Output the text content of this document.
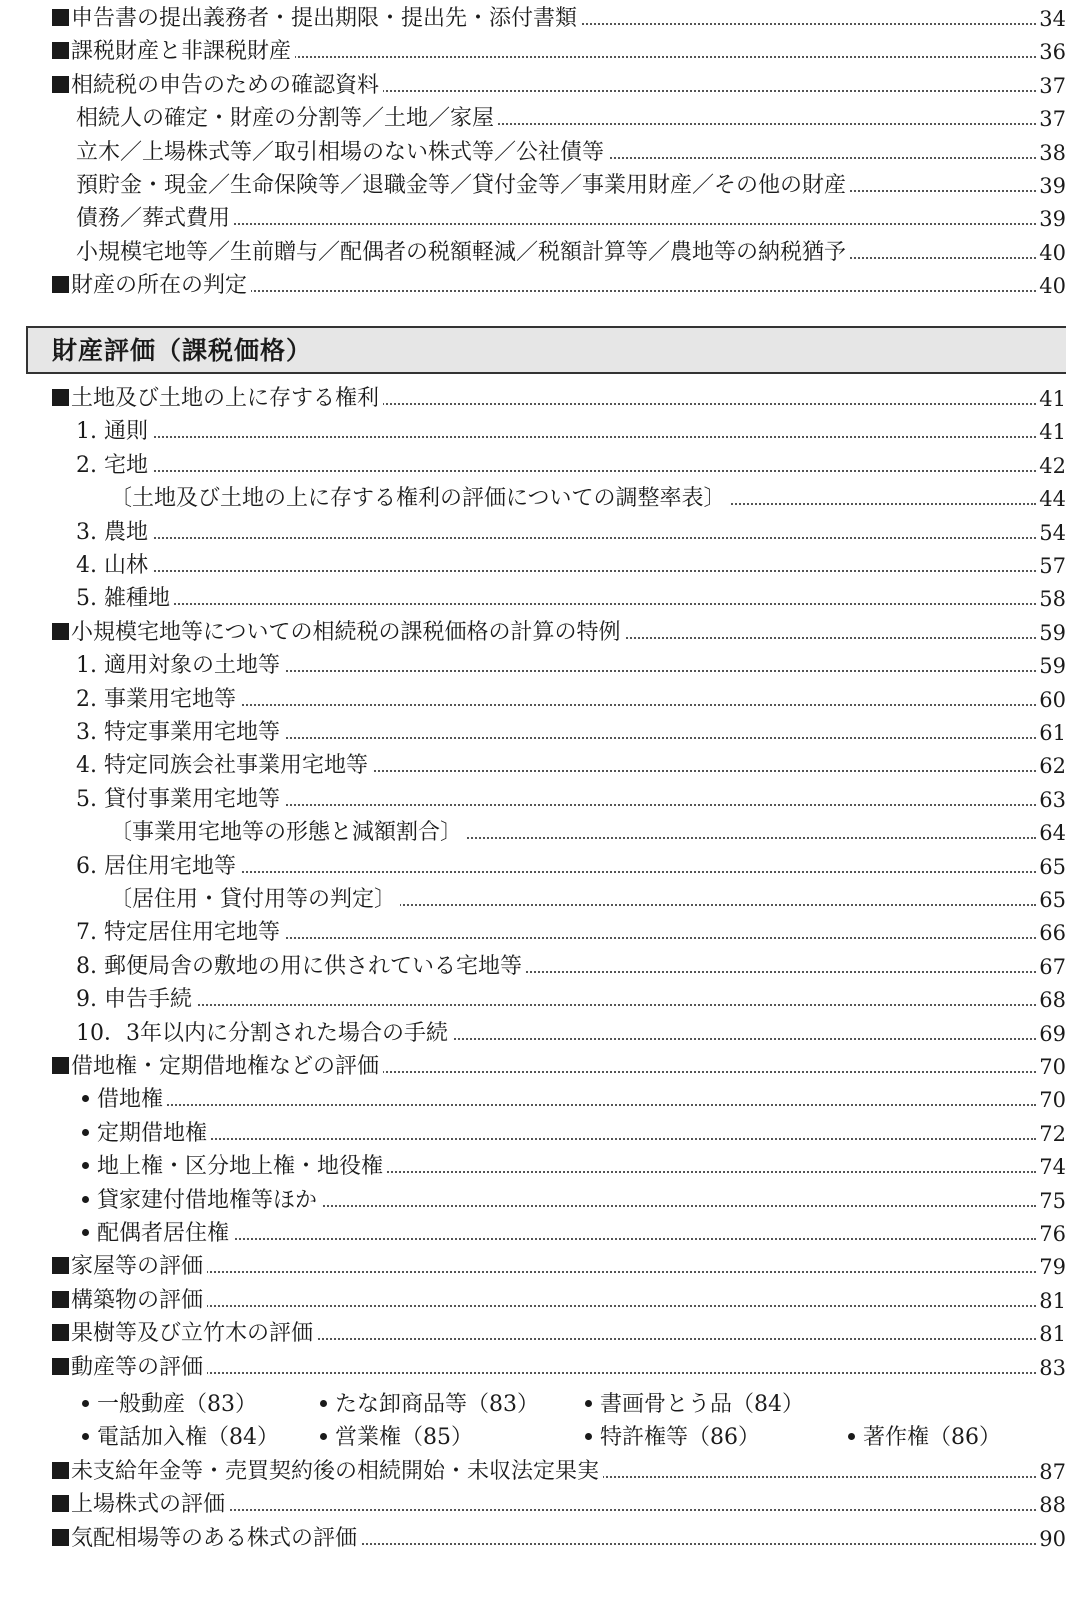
申告書の提出義務者・提出期限・提出先・添付書類	34
課税財産と非課税財産	36
相続税の申告のための確認資料	37
相続人の確定・財産の分割等／土地／家屋	37
立木／上場株式等／取引相場のない株式等／公社債等	38
預貯金・現金／生命保険等／退職金等／貸付金等／事業用財産／その他の財産	39
債務／葬式費用	39
小規模宅地等／生前贈与／配偶者の税額軽減／税額計算等／農地等の納税猶予	40
財産の所在の判定	40
財産評価（課税価格）
土地及び土地の上に存する権利	41
1. 通則	41
2. 宅地	42
〔土地及び土地の上に存する権利の評価についての調整率表〕	44
3. 農地	54
4. 山林	57
5. 雑種地	58
小規模宅地等についての相続税の課税価格の計算の特例	59
1. 適用対象の土地等	59
2. 事業用宅地等	60
3. 特定事業用宅地等	61
4. 特定同族会社事業用宅地等	62
5. 貸付事業用宅地等	63
〔事業用宅地等の形態と減額割合〕	64
6. 居住用宅地等	65
〔居住用・貸付用等の判定〕	65
7. 特定居住用宅地等	66
8. 郵便局舎の敷地の用に供されている宅地等	67
9. 申告手続	68
10．3年以内に分割された場合の手続	69
借地権・定期借地権などの評価	70
借地権	70
定期借地権	72
地上権・区分地上権・地役権	74
貸家建付借地権等ほか	75
配偶者居住権	76
家屋等の評価	79
構築物の評価	81
果樹等及び立竹木の評価	81
動産等の評価	83
一般動産（83）	たな卸商品等（83）	書画骨とう品（84）
電話加入権（84）	営業権（85）	特許権等（86）	著作権（86）
未支給年金等・売買契約後の相続開始・未収法定果実	87
上場株式の評価	88
気配相場等のある株式の評価	90
